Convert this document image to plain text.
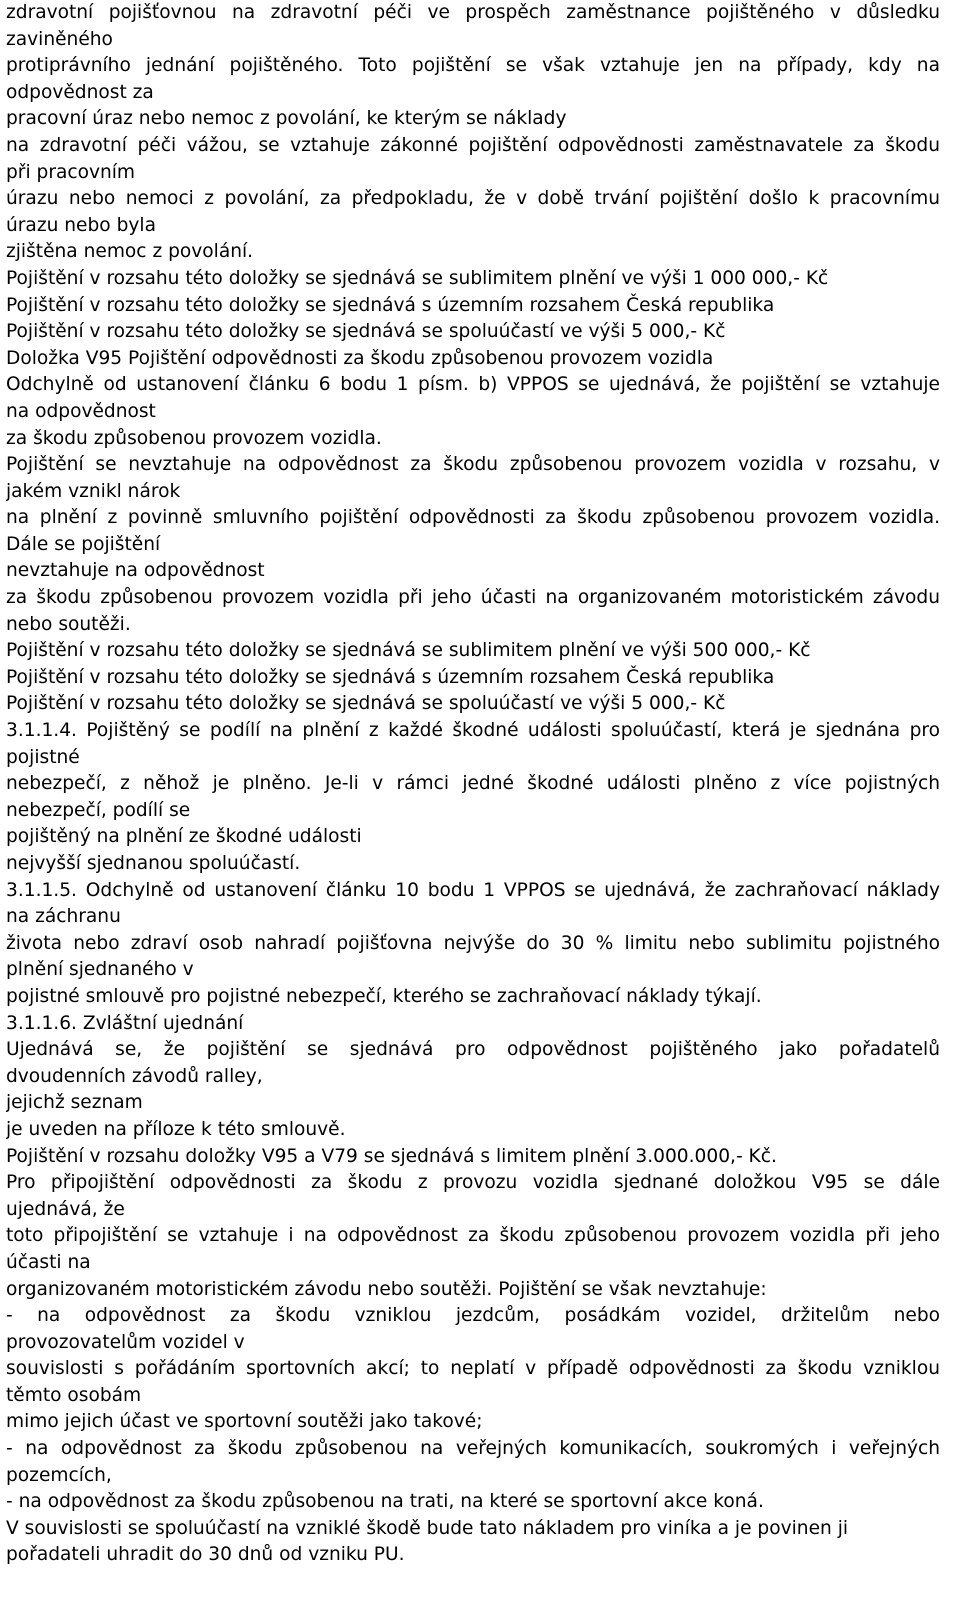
zdravotní pojišťovnou na zdravotní péči ve prospěch zaměstnance pojištěného v důsledku
zaviněného
protiprávního jednání pojištěného. Toto pojištění se však vztahuje jen na případy, kdy na
odpovědnost za
pracovní úraz nebo nemoc z povolání, ke kterým se náklady
na zdravotní péči vážou, se vztahuje zákonné pojištění odpovědnosti zaměstnavatele za škodu
při pracovním
úrazu nebo nemoci z povolání, za předpokladu, že v době trvání pojištění došlo k pracovnímu
úrazu nebo byla
zjištěna nemoc z povolání.
Pojištění v rozsahu této doložky se sjednává se sublimitem plnění ve výši 1 000 000,- Kč
Pojištění v rozsahu této doložky se sjednává s územním rozsahem Česká republika
Pojištění v rozsahu této doložky se sjednává se spoluúčastí ve výši 5 000,- Kč
Doložka V95 Pojištění odpovědnosti za škodu způsobenou provozem vozidla
Odchylně od ustanovení článku 6 bodu 1 písm. b) VPPOS se ujednává, že pojištění se vztahuje
na odpovědnost
za škodu způsobenou provozem vozidla.
Pojištění se nevztahuje na odpovědnost za škodu způsobenou provozem vozidla v rozsahu, v
jakém vznikl nárok
na plnění z povinně smluvního pojištění odpovědnosti za škodu způsobenou provozem vozidla.
Dále se pojištění
nevztahuje na odpovědnost
za škodu způsobenou provozem vozidla při jeho účasti na organizovaném motoristickém závodu
nebo soutěži.
Pojištění v rozsahu této doložky se sjednává se sublimitem plnění ve výši 500 000,- Kč
Pojištění v rozsahu této doložky se sjednává s územním rozsahem Česká republika
Pojištění v rozsahu této doložky se sjednává se spoluúčastí ve výši 5 000,- Kč
3.1.1.4. Pojištěný se podílí na plnění z každé škodné události spoluúčastí, která je sjednána pro
pojistné
nebezpečí, z něhož je plněno. Je-li v rámci jedné škodné události plněno z více pojistných
nebezpečí, podílí se
pojištěný na plnění ze škodné události
nejvyšší sjednanou spoluúčastí.
3.1.1.5. Odchylně od ustanovení článku 10 bodu 1 VPPOS se ujednává, že zachraňovací náklady
na záchranu
života nebo zdraví osob nahradí pojišťovna nejvýše do 30 % limitu nebo sublimitu pojistného
plnění sjednaného v
pojistné smlouvě pro pojistné nebezpečí, kterého se zachraňovací náklady týkají.
3.1.1.6. Zvláštní ujednání
Ujednává se, že pojištění se sjednává pro odpovědnost pojištěného jako pořadatelů
dvoudenních závodů ralley,
jejichž seznam
je uveden na příloze k této smlouvě.
Pojištění v rozsahu doložky V95 a V79 se sjednává s limitem plnění 3.000.000,- Kč.
Pro připojištění odpovědnosti za škodu z provozu vozidla sjednané doložkou V95 se dále
ujednává, že
toto připojištění se vztahuje i na odpovědnost za škodu způsobenou provozem vozidla při jeho
účasti na
organizovaném motoristickém závodu nebo soutěži. Pojištění se však nevztahuje:
- na odpovědnost za škodu vzniklou jezdcům, posádkám vozidel, držitelům nebo
provozovatelům vozidel v
souvislosti s pořádáním sportovních akcí; to neplatí v případě odpovědnosti za škodu vzniklou
těmto osobám
mimo jejich účast ve sportovní soutěži jako takové;
- na odpovědnost za škodu způsobenou na veřejných komunikacích, soukromých i veřejných
pozemcích,
- na odpovědnost za škodu způsobenou na trati, na které se sportovní akce koná.
V souvislosti se spoluúčastí na vzniklé škodě bude tato nákladem pro viníka a je povinen ji
pořadateli uhradit do 30 dnů od vzniku PU.
